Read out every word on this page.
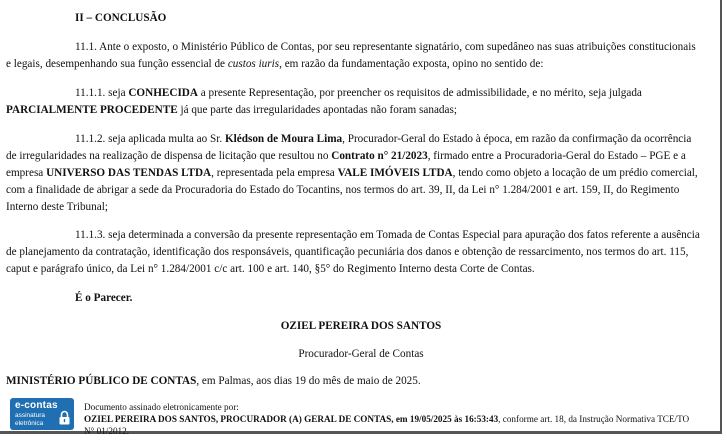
II – CONCLUSÃO
11.1. Ante o exposto, o Ministério Público de Contas, por seu representante signatário, com supedâneo nas suas atribuições constitucionais
e legais, desempenhando sua função essencial de custos iuris, em razão da fundamentação exposta, opino no sentido de:
11.1.1. seja CONHECIDA a presente Representação, por preencher os requisitos de admissibilidade, e no mérito, seja julgada
PARCIALMENTE PROCEDENTE já que parte das irregularidades apontadas não foram sanadas;
11.1.2. seja aplicada multa ao Sr. Klédson de Moura Lima, Procurador-Geral do Estado à época, em razão da confirmação da ocorrência
de irregularidades na realização de dispensa de licitação que resultou no Contrato n° 21/2023, firmado entre a Procuradoria-Geral do Estado – PGE e a
empresa UNIVERSO DAS TENDAS LTDA, representada pela empresa VALE IMÓVEIS LTDA, tendo como objeto a locação de um prédio comercial,
com a finalidade de abrigar a sede da Procuradoria do Estado do Tocantins, nos termos do art. 39, II, da Lei n° 1.284/2001 e art. 159, II, do Regimento
Interno deste Tribunal;
11.1.3. seja determinada a conversão da presente representação em Tomada de Contas Especial para apuração dos fatos referente a ausência
de planejamento da contratação, identificação dos responsáveis, quantificação pecuniária dos danos e obtenção de ressarcimento, nos termos do art. 115,
caput e parágrafo único, da Lei n° 1.284/2001 c/c art. 100 e art. 140, §5° do Regimento Interno desta Corte de Contas.
É o Parecer.
OZIEL PEREIRA DOS SANTOS
Procurador-Geral de Contas
MINISTÉRIO PÚBLICO DE CONTAS, em Palmas, aos dias 19 do mês de maio de 2025.
e-contas
assinatura
eletrônica
Documento assinado eletronicamente por:
OZIEL PEREIRA DOS SANTOS, PROCURADOR (A) GERAL DE CONTAS, em 19/05/2025 às 16:53:43, conforme art. 18, da Instrução Normativa TCE/TO
N° 01/2012.
